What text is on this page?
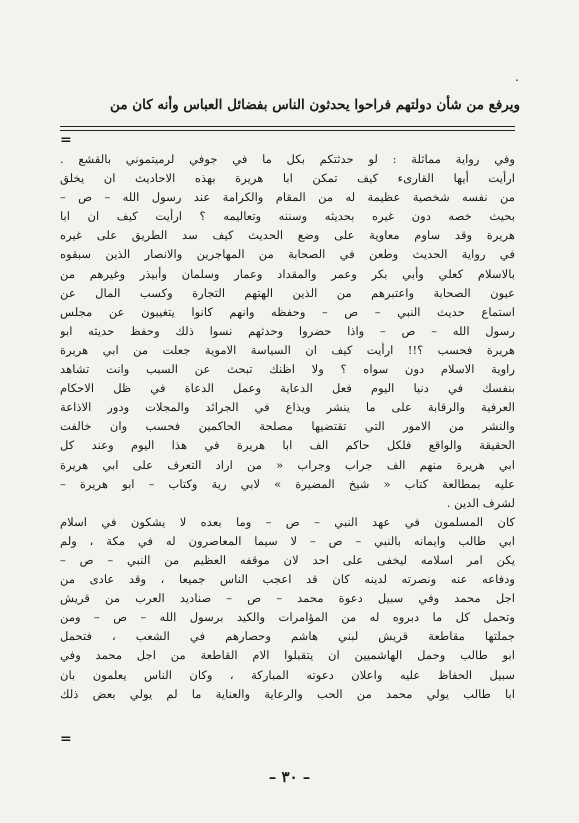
.
ويرفع من شأن دولتهم فراحوا يحدثون الناس بفضائل العباس وأنه كان من
=
وفي رواية مماثلة : لو حدثتكم بكل ما في جوفي لرميتموني بالقشع .
ارأيت أيها القارىء كيف تمكن ابا هريرة بهذه الاحاديث ان يخلق
من نفسه شخصية عظيمة له من المقام والكرامة عند رسول الله – ص –
بحيث خصه دون غيره بحديثه وسننه وتعاليمه ؟ ارأيت كيف ان ابا
هريرة وقد ساوم معاوية على وضع الحديث كيف سد الطريق على غيره
في رواية الحديث وطعن في الصحابة من المهاجرين والانصار الذين سبقوه
بالاسلام كعلي وأبي بكر وعمر والمقداد وعمار وسلمان وأبيذر وغيرهم من
عيون الصحابة واعتبرهم من الذين الهتهم التجارة وكسب المال عن
استماع حديث النبي – ص – وحفظه وانهم كانوا يتغيبون عن مجلس
رسول الله – ص – واذا حضروا وحدثهم نسوا ذلك وحفظ حديثه ابو
هريرة فحسب ؟!! ارأيت كيف ان السياسة الاموية جعلت من ابي هريرة
راوية الاسلام دون سواه ؟ ولا اظنك تبحث عن السبب وانت تشاهد
بنفسك في دنيا اليوم فعل الدعاية وعمل الدعاة في ظل الاحكام
العرفية والرقابة على ما ينشر ويذاع في الجرائد والمجلات ودور الاذاعة
والنشر من الامور التي تقتضيها مصلحة الحاكمين فحسب وان خالفت
الحقيقة والواقع فلكل حاكم الف ابا هريرة في هذا اليوم وعند كل
ابي هريرة منهم الف جراب وجراب « من اراد التعرف على ابي هريرة
عليه بمطالعة كتاب « شيخ المضيرة » لابي رية وكتاب – ابو هريرة –
لشرف الدين .
كان المسلمون في عهد النبي – ص – وما بعده لا يشكون في اسلام
ابي طالب وايمانه بالنبي – ص – لا سيما المعاصرون له في مكة ، ولم
يكن امر اسلامه ليخفى على احد لان موقفه العظيم من النبي – ص –
ودفاعه عنه ونصرته لدينه كان قد اعجب الناس جميعا ، وقد عادى من
اجل محمد وفي سبيل دعوة محمد – ص – صناديد العرب من قريش
وتحمل كل ما دبروه له من المؤامرات والكيد برسول الله – ص – ومن
جملتها مقاطعة قريش لبني هاشم وحصارهم في الشعب ، فتحمل
ابو طالب وحمل الهاشميين ان يتقبلوا الام القاطعة من اجل محمد وفي
سبيل الحفاظ عليه واعلان دعوته المباركة ، وكان الناس يعلمون بان
ابا طالب يولي محمد من الحب والرعاية والعناية ما لم يولي بعض ذلك
=
– ٣٠ –
